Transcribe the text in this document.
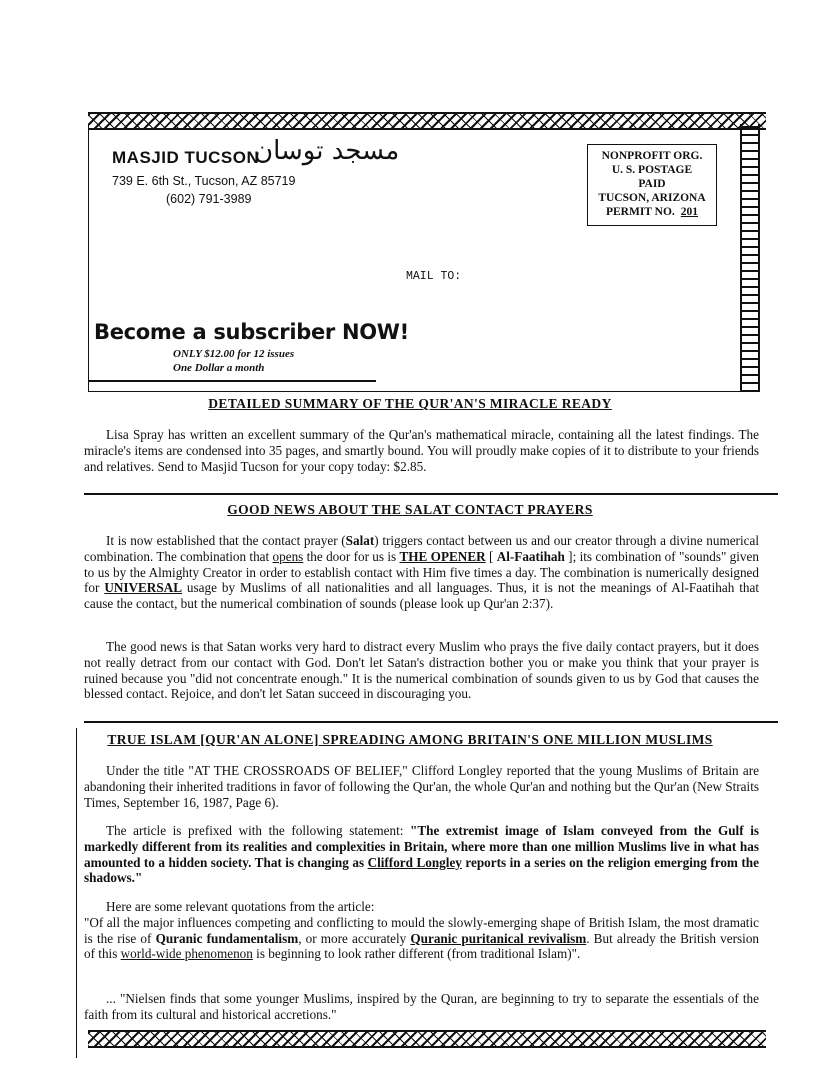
MASJID TUCSON
مسجد توسان
739 E. 6th St., Tucson, AZ 85719
(602) 791-3989
NONPROFIT ORG.
U. S. POSTAGE
PAID
TUCSON, ARIZONA
PERMIT NO. 201
MAIL TO:
Become a subscriber NOW!
ONLY $12.00 for 12 issues
One Dollar a month
DETAILED SUMMARY OF THE QUR'AN'S MIRACLE READY

Lisa Spray has written an excellent summary of the Qur'an's mathematical miracle, containing all the latest findings. The miracle's items are condensed into 35 pages, and smartly bound. You will proudly make copies of it to distribute to your friends and relatives. Send to Masjid Tucson for your copy today: $2.85.

GOOD NEWS ABOUT THE SALAT CONTACT PRAYERS

It is now established that the contact prayer (Salat) triggers contact between us and our creator through a divine numerical combination. The combination that opens the door for us is THE OPENER [ Al-Faatihah ]; its combination of "sounds" given to us by the Almighty Creator in order to establish contact with Him five times a day. The combination is numerically designed for UNIVERSAL usage by Muslims of all nationalities and all languages. Thus, it is not the meanings of Al-Faatihah that cause the contact, but the numerical combination of sounds (please look up Qur'an 2:37).

The good news is that Satan works very hard to distract every Muslim who prays the five daily contact prayers, but it does not really detract from our contact with God. Don't let Satan's distraction bother you or make you think that your prayer is ruined because you "did not concentrate enough." It is the numerical combination of sounds given to us by God that causes the blessed contact. Rejoice, and don't let Satan succeed in discouraging you.

TRUE ISLAM [QUR'AN ALONE] SPREADING AMONG BRITAIN'S ONE MILLION MUSLIMS

Under the title "AT THE CROSSROADS OF BELIEF," Clifford Longley reported that the young Muslims of Britain are abandoning their inherited traditions in favor of following the Qur'an, the whole Qur'an and nothing but the Qur'an (New Straits Times, September 16, 1987, Page 6).

The article is prefixed with the following statement: "The extremist image of Islam conveyed from the Gulf is markedly different from its realities and complexities in Britain, where more than one million Muslims live in what has amounted to a hidden society. That is changing as Clifford Longley reports in a series on the religion emerging from the shadows."

Here are some relevant quotations from the article:
"Of all the major influences competing and conflicting to mould the slowly-emerging shape of British Islam, the most dramatic is the rise of Quranic fundamentalism, or more accurately Quranic puritanical revivalism. But already the British version of this world-wide phenomenon is beginning to look rather different (from traditional Islam)".

... "Nielsen finds that some younger Muslims, inspired by the Quran, are beginning to try to separate the essentials of the faith from its cultural and historical accretions."
